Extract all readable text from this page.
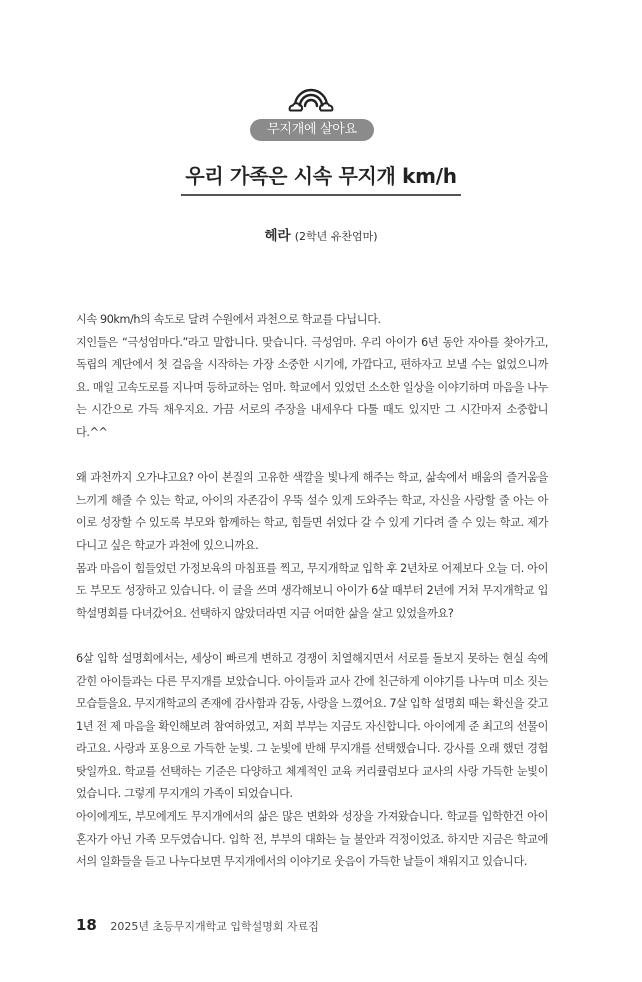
무지개에 살아요
우리 가족은 시속 무지개 km/h
헤라 (2학년 유찬엄마)

시속 90km/h의 속도로 달려 수원에서 과천으로 학교를 다닙니다.

지인들은 “극성엄마다.”라고 말합니다. 맞습니다. 극성엄마. 우리 아이가 6년 동안 자아를 찾아가고, 독립의 계단에서 첫 걸음을 시작하는 가장 소중한 시기에, 가깝다고, 편하자고 보낼 수는 없었으니까요. 매일 고속도로를 지나며 등하교하는 엄마. 학교에서 있었던 소소한 일상을 이야기하며 마음을 나누는 시간으로 가득 채우지요. 가끔 서로의 주장을 내세우다 다툴 때도 있지만 그 시간마저 소중합니다.^^

왜 과천까지 오가냐고요? 아이 본질의 고유한 색깔을 빛나게 해주는 학교, 삶속에서 배움의 즐거움을 느끼게 해줄 수 있는 학교, 아이의 자존감이 우뚝 설수 있게 도와주는 학교, 자신을 사랑할 줄 아는 아이로 성장할 수 있도록 부모와 함께하는 학교, 힘들면 쉬었다 갈 수 있게 기다려 줄 수 있는 학교. 제가 다니고 싶은 학교가 과천에 있으니까요.

몸과 마음이 힘들었던 가정보육의 마침표를 찍고, 무지개학교 입학 후 2년차로 어제보다 오늘 더. 아이도 부모도 성장하고 있습니다. 이 글을 쓰며 생각해보니 아이가 6살 때부터 2년에 거쳐 무지개학교 입학설명회를 다녀갔어요. 선택하지 않았더라면 지금 어떠한 삶을 살고 있었을까요?

6살 입학 설명회에서는, 세상이 빠르게 변하고 경쟁이 치열해지면서 서로를 돌보지 못하는 현실 속에 갇힌 아이들과는 다른 무지개를 보았습니다. 아이들과 교사 간에 친근하게 이야기를 나누며 미소 짓는 모습들을요. 무지개학교의 존재에 감사함과 감동, 사랑을 느꼈어요. 7살 입학 설명회 때는 확신을 갖고 1년 전 제 마음을 확인해보려 참여하였고, 저희 부부는 지금도 자신합니다. 아이에게 준 최고의 선물이라고요. 사랑과 포용으로 가득한 눈빛. 그 눈빛에 반해 무지개를 선택했습니다. 강사를 오래 했던 경험 탓일까요. 학교를 선택하는 기준은 다양하고 체계적인 교육 커리큘럼보다 교사의 사랑 가득한 눈빛이었습니다. 그렇게 무지개의 가족이 되었습니다.

아이에게도, 부모에게도 무지개에서의 삶은 많은 변화와 성장을 가져왔습니다. 학교를 입학한건 아이혼자가 아닌 가족 모두였습니다. 입학 전, 부부의 대화는 늘 불안과 걱정이었죠. 하지만 지금은 학교에서의 일화들을 듣고 나누다보면 무지개에서의 이야기로 웃음이 가득한 날들이 채워지고 있습니다.

18 2025년 초등무지개학교 입학설명회 자료집
